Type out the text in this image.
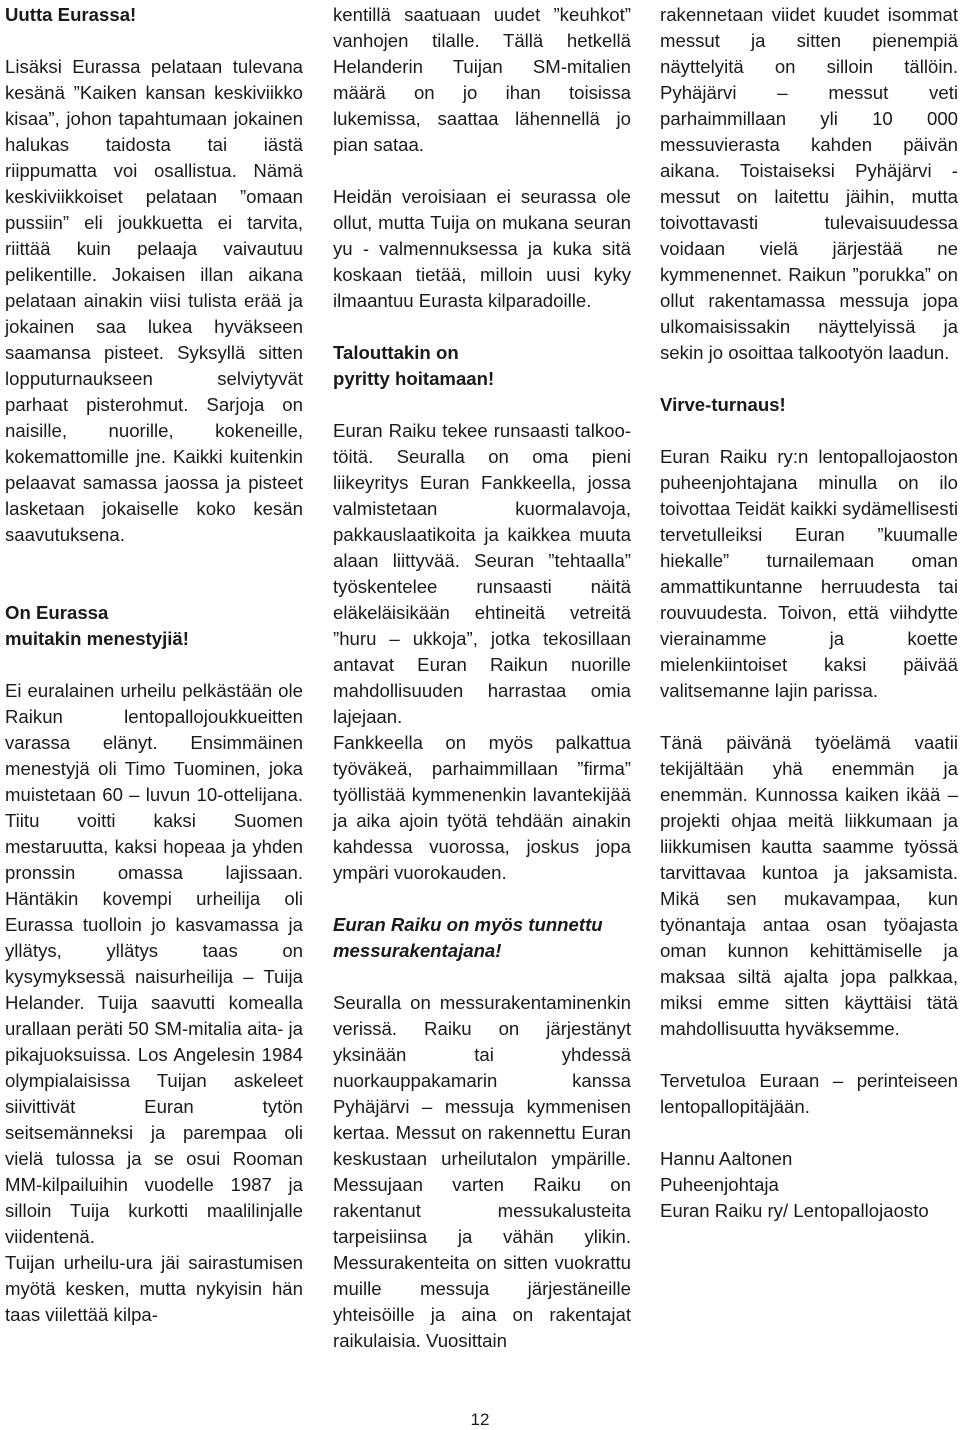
Uutta Eurassa!

Lisäksi Eurassa pelataan tulevana kesänä ”Kaiken kansan keskiviikko kisaa”, johon tapahtumaan jokainen halukas taidosta tai iästä riippumatta voi osallistua. Nämä keskiviikkoiset pelataan ”omaan pussiin” eli joukkuetta ei tarvita, riittää kuin pelaaja vaivautuu pelikentille. Jokaisen illan aikana pelataan ainakin viisi tulista erää ja jokainen saa lukea hyväkseen saamansa pisteet. Syksyllä sitten lopputurnaukseen selviytyvät parhaat pisterohmut. Sarjoja on naisille, nuorille, kokeneille, kokemattomille jne. Kaikki kuitenkin pelaavat samassa jaossa ja pisteet lasketaan jokaiselle koko kesän saavutuksena.

On Eurassa
muitakin menestyjiä!

Ei euralainen urheilu pelkästään ole Raikun lentopallojoukkueitten varassa elänyt. Ensimmäinen menestyjä oli Timo Tuominen, joka muistetaan 60 – luvun 10-ottelijana. Tiitu voitti kaksi Suomen mestaruutta, kaksi hopeaa ja yhden pronssin omassa lajissaan. Häntäkin kovempi urheilija oli Eurassa tuolloin jo kasvamassa ja yllätys, yllätys taas on kysymyksessä naisurheilija – Tuija Helander. Tuija saavutti komealla urallaan peräti 50 SM-mitalia aita- ja pikajuoksuissa. Los Angelesin 1984 olympialaisissa Tuijan askeleet siivittivät Euran tytön seitsemänneksi ja parempaa oli vielä tulossa ja se osui Rooman MM-kilpailuihin vuodelle 1987 ja silloin Tuija kurkotti maalilinjalle viidentenä.

Tuijan urheilu-ura jäi sairastumisen myötä kesken, mutta nykyisin hän taas viilettää kilpa-

kentillä saatuaan uudet ”keuhkot” vanhojen tilalle. Tällä hetkellä Helanderin Tuijan SM-mitalien määrä on jo ihan toisissa lukemissa, saattaa lähennellä jo pian sataa.

Heidän veroisiaan ei seurassa ole ollut, mutta Tuija on mukana seuran yu - valmennuksessa ja kuka sitä koskaan tietää, milloin uusi kyky ilmaantuu Eurasta kilparadoille.

Talouttakin on
pyritty hoitamaan!

Euran Raiku tekee runsaasti talkoo-töitä. Seuralla on oma pieni liikeyritys Euran Fankkeella, jossa valmistetaan kuormalavoja, pakkauslaatikoita ja kaikkea muuta alaan liittyvää. Seuran ”tehtaalla” työskentelee runsaasti näitä eläkeläisikään ehtineitä vetreitä ”huru – ukkoja”, jotka tekosillaan antavat Euran Raikun nuorille mahdollisuuden harrastaa omia lajejaan.

Fankkeella on myös palkattua työväkeä, parhaimmillaan ”firma” työllistää kymmenenkin lavantekijää ja aika ajoin työtä tehdään ainakin kahdessa vuorossa, joskus jopa ympäri vuorokauden.

Euran Raiku on myös tunnettu
messurakentajana!

Seuralla on messurakentaminenkin verissä. Raiku on järjestänyt yksinään tai yhdessä nuorkauppakamarin kanssa Pyhäjärvi – messuja kymmenisen kertaa. Messut on rakennettu Euran keskustaan urheilutalon ympärille. Messujaan varten Raiku on rakentanut messukalusteita tarpeisiinsa ja vähän ylikin. Messurakenteita on sitten vuokrattu muille messuja järjestäneille yhteisöille ja aina on rakentajat raikulaisia. Vuosittain

rakennetaan viidet kuudet isommat messut ja sitten pienempiä näyttelyitä on silloin tällöin. Pyhäjärvi – messut veti parhaimmillaan yli 10 000 messuvierasta kahden päivän aikana. Toistaiseksi Pyhäjärvi - messut on laitettu jäihin, mutta toivottavasti tulevaisuudessa voidaan vielä järjestää ne kymmenennet. Raikun ”porukka” on ollut rakentamassa messuja jopa ulkomaisissakin näyttelyissä ja sekin jo osoittaa talkootyön laadun.

Virve-turnaus!

Euran Raiku ry:n lentopallojaoston puheenjohtajana minulla on ilo toivottaa Teidät kaikki sydämellisesti tervetulleiksi Euran ”kuumalle hiekalle” turnailemaan oman ammattikuntanne herruudesta tai rouvuudesta. Toivon, että viihdytte vierainamme ja koette mielenkiintoiset kaksi päivää valitsemanne lajin parissa.

Tänä päivänä työelämä vaatii tekijältään yhä enemmän ja enemmän. Kunnossa kaiken ikää – projekti ohjaa meitä liikkumaan ja liikkumisen kautta saamme työssä tarvittavaa kuntoa ja jaksamista. Mikä sen mukavampaa, kun työnantaja antaa osan työajasta oman kunnon kehittämiselle ja maksaa siltä ajalta jopa palkkaa, miksi emme sitten käyttäisi tätä mahdollisuutta hyväksemme.

Tervetuloa Euraan – perinteiseen lentopallopitäjään.

Hannu Aaltonen
Puheenjohtaja
Euran Raiku ry/ Lentopallojaosto
12
